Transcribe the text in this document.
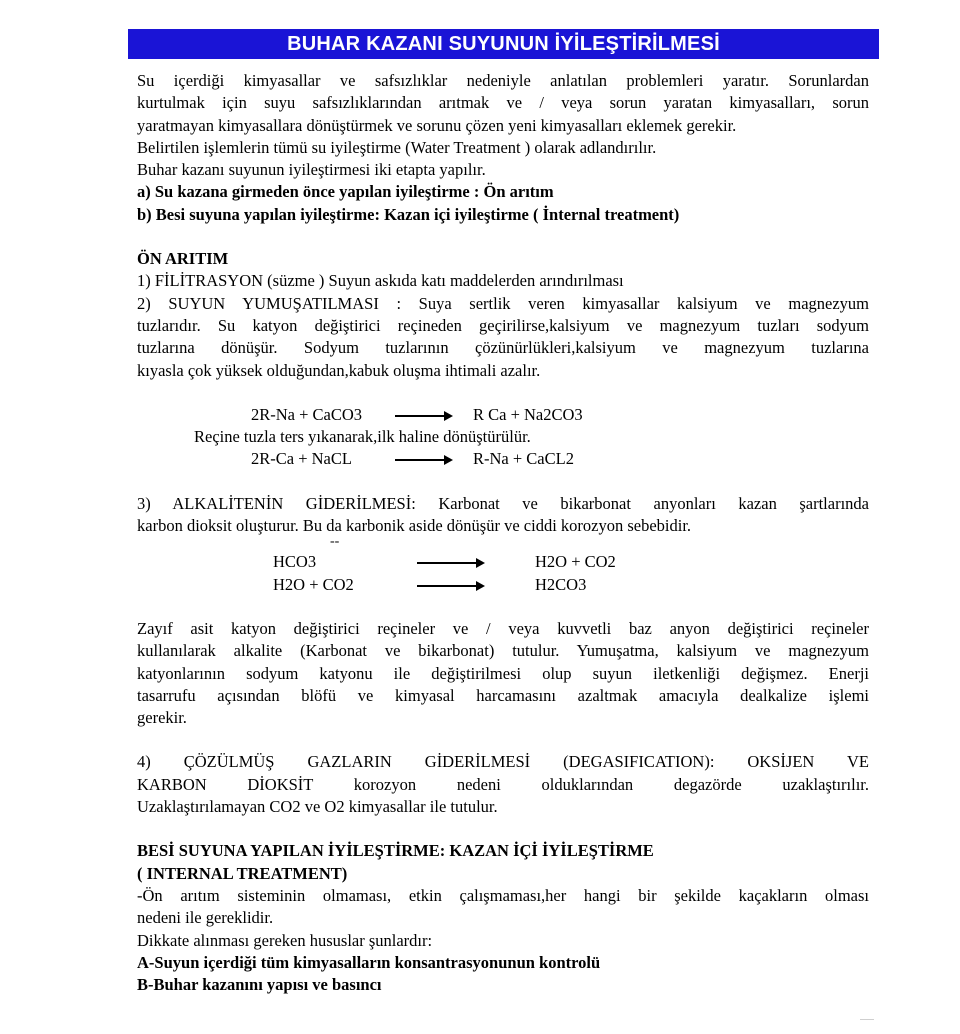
BUHAR KAZANI SUYUNUN İYİLEŞTİRİLMESİ

Su içerdiği kimyasallar ve safsızlıklar nedeniyle anlatılan problemleri yaratır. Sorunlardan

kurtulmak için suyu safsızlıklarından arıtmak ve / veya sorun yaratan kimyasalları, sorun

yaratmayan kimyasallara dönüştürmek ve sorunu çözen yeni kimyasalları eklemek gerekir.

Belirtilen işlemlerin tümü su iyileştirme (Water Treatment ) olarak adlandırılır.

Buhar kazanı suyunun iyileştirmesi iki etapta yapılır.

a) Su kazana girmeden önce yapılan iyileştirme : Ön arıtım

b) Besi suyuna yapılan iyileştirme: Kazan içi iyileştirme ( İnternal treatment)

ÖN ARITIM

1) FİLİTRASYON (süzme ) Suyun askıda katı maddelerden arındırılması

2) SUYUN YUMUŞATILMASI : Suya sertlik veren kimyasallar kalsiyum ve magnezyum

tuzlarıdır. Su katyon değiştirici reçineden geçirilirse,kalsiyum ve magnezyum tuzları sodyum

tuzlarına dönüşür. Sodyum tuzlarının çözünürlükleri,kalsiyum ve magnezyum tuzlarına

kıyasla çok yüksek olduğundan,kabuk oluşma ihtimali azalır.

2R-Na + CaCO3	R Ca + Na2CO3
Reçine tuzla ters yıkanarak,ilk haline dönüştürülür.
2R-Ca + NaCL	R-Na + CaCL2

3) ALKALİTENİN GİDERİLMESİ: Karbonat ve bikarbonat anyonları kazan şartlarında

karbon dioksit oluşturur. Bu da karbonik aside dönüşür ve ciddi korozyon sebebidir.

--
HCO3	H2O + CO2
H2O + CO2	H2CO3

Zayıf asit katyon değiştirici reçineler ve / veya kuvvetli baz anyon değiştirici reçineler

kullanılarak alkalite (Karbonat ve bikarbonat) tutulur. Yumuşatma, kalsiyum ve magnezyum

katyonlarının sodyum katyonu ile değiştirilmesi olup suyun iletkenliği değişmez. Enerji

tasarrufu açısından blöfü ve kimyasal harcamasını azaltmak amacıyla dealkalize işlemi

gerekir.

4) ÇÖZÜLMÜŞ GAZLARIN GİDERİLMESİ (DEGASIFICATION): OKSİJEN VE

KARBON DİOKSİT korozyon nedeni olduklarından degazörde uzaklaştırılır.

Uzaklaştırılamayan CO2 ve O2 kimyasallar ile tutulur.

BESİ SUYUNA YAPILAN İYİLEŞTİRME: KAZAN İÇİ İYİLEŞTİRME

( INTERNAL TREATMENT)

-Ön arıtım sisteminin olmaması, etkin çalışmaması,her hangi bir şekilde kaçakların olması

nedeni ile gereklidir.

Dikkate alınması gereken hususlar şunlardır:

A-Suyun içerdiği tüm kimyasalların konsantrasyonunun kontrolü

B-Buhar kazanını yapısı ve basıncı
